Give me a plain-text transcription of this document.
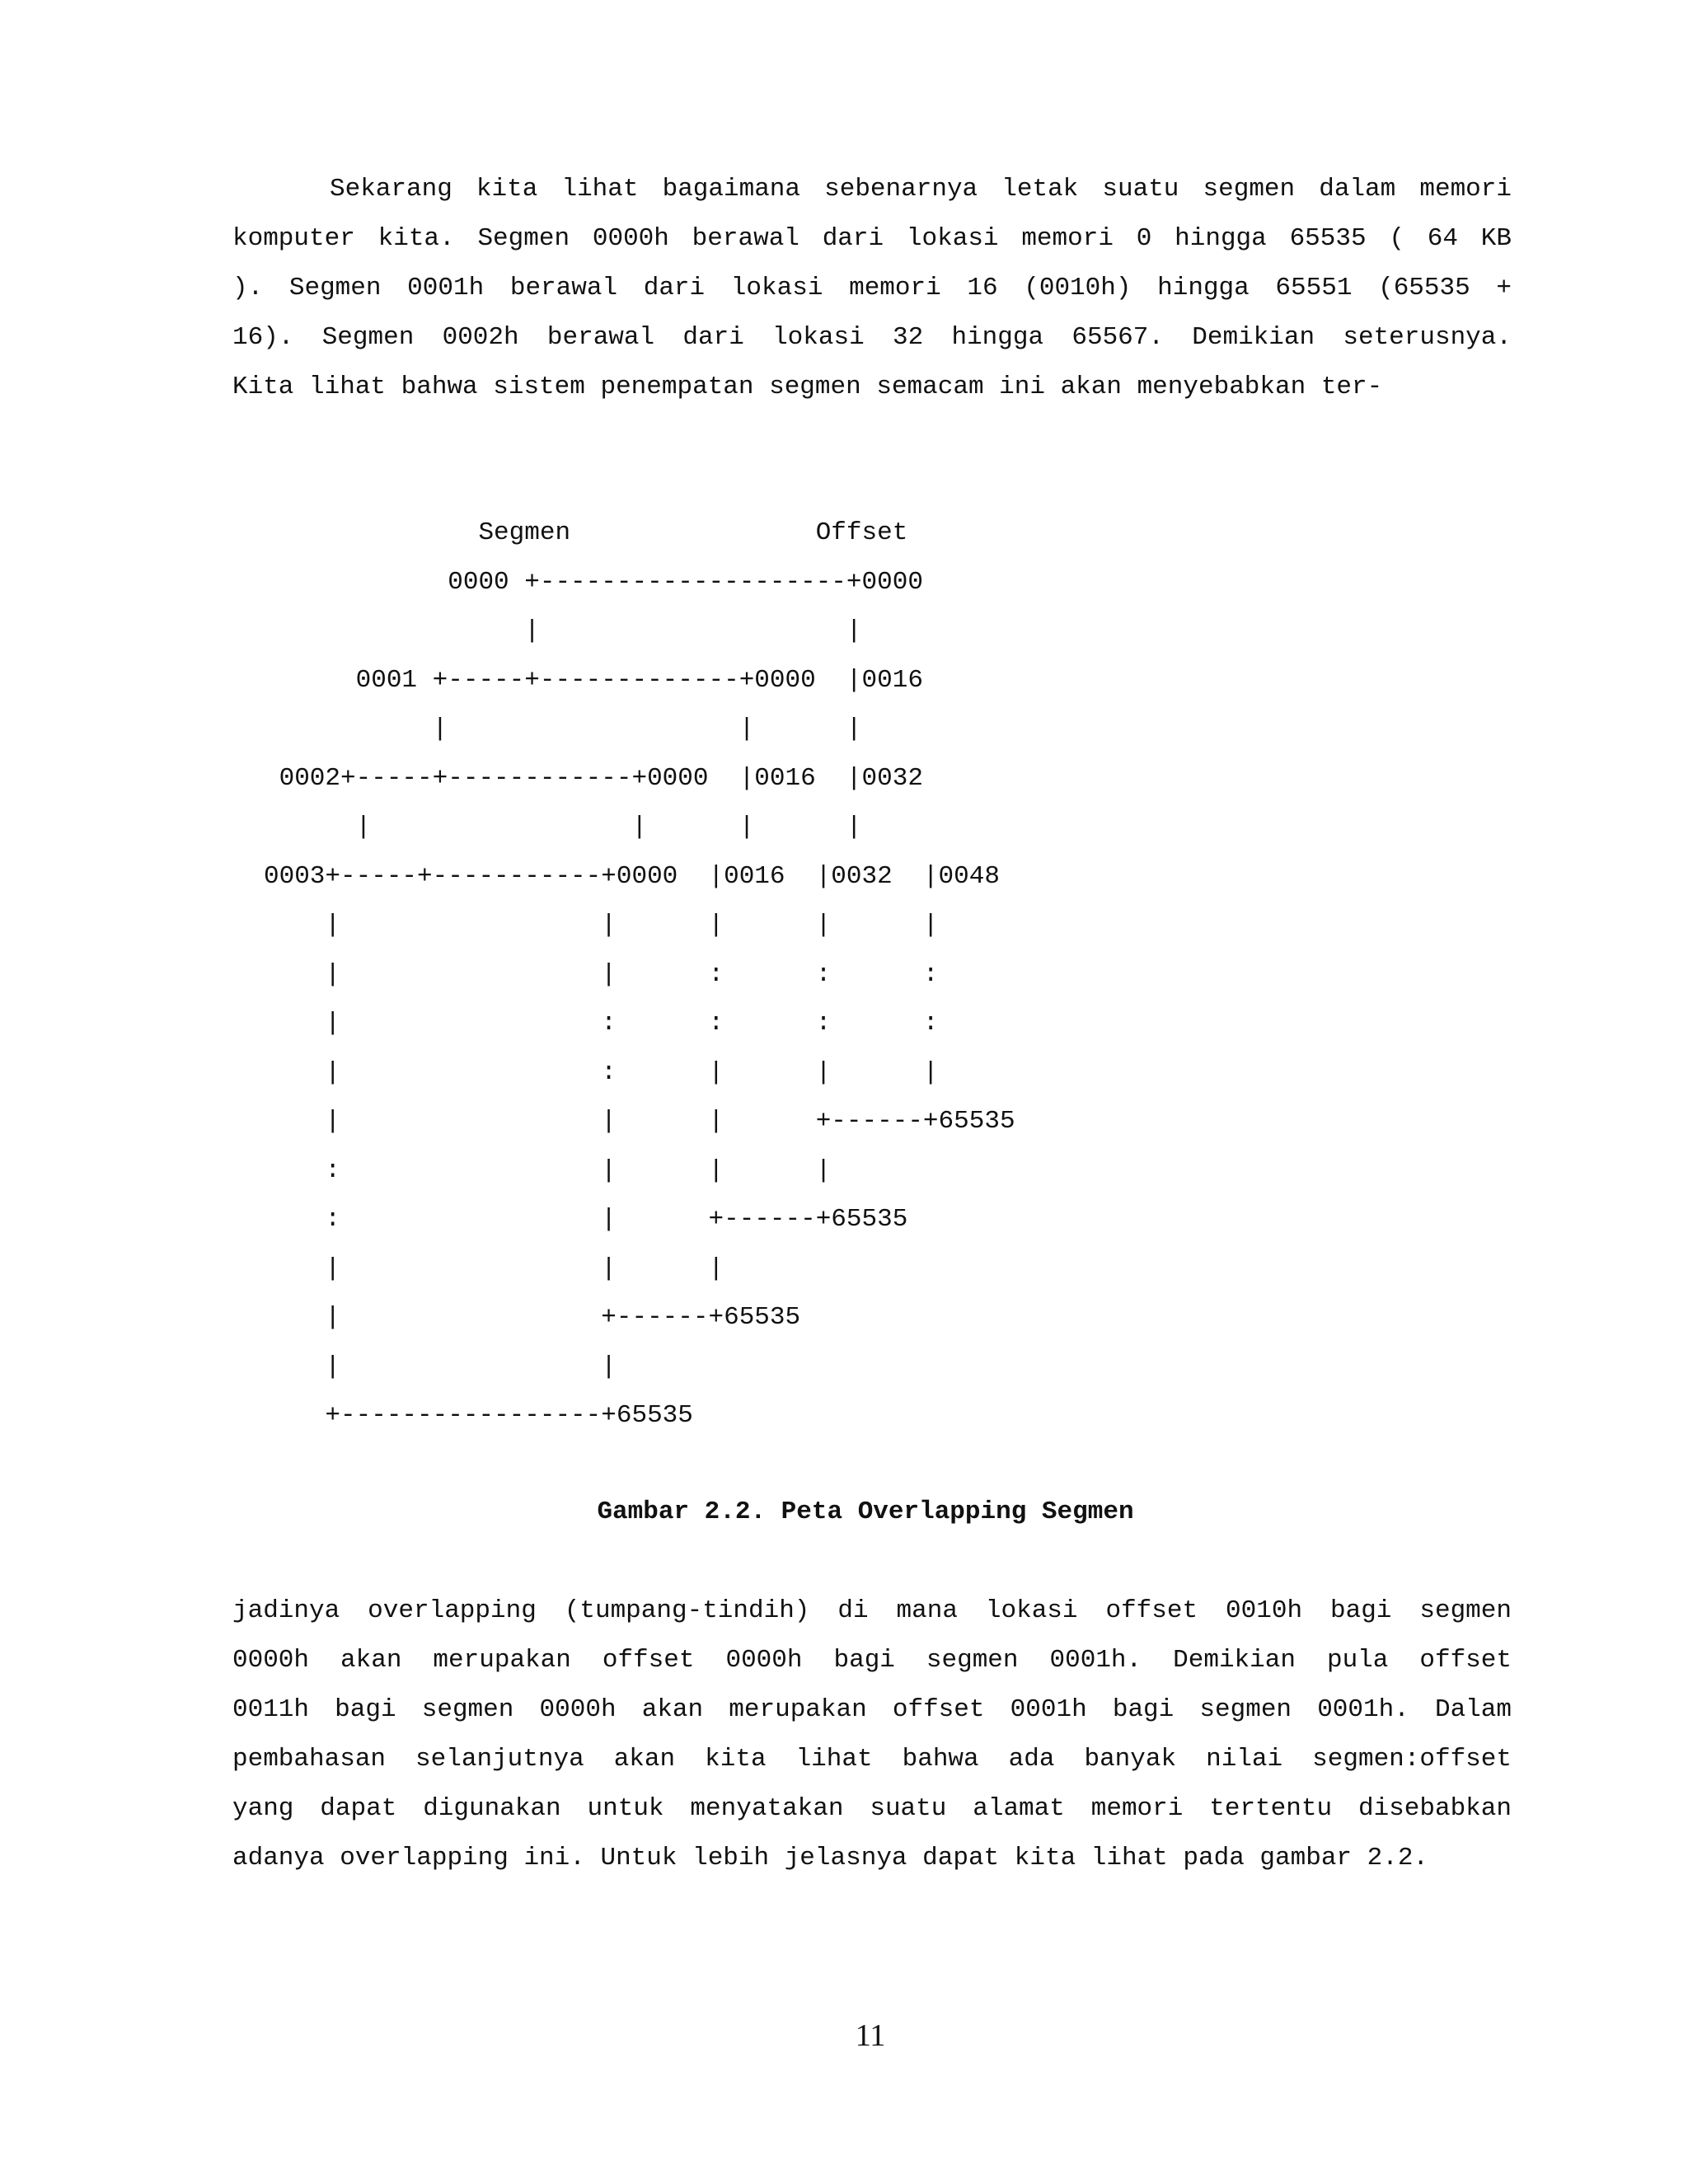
Sekarang kita lihat bagaimana sebenarnya letak suatu segmen dalam memori
komputer kita. Segmen 0000h berawal dari lokasi memori 0 hingga 65535 ( 64 KB
). Segmen 0001h berawal dari lokasi memori 16 (0010h) hingga 65551 (65535 +
16). Segmen 0002h berawal dari lokasi 32 hingga 65567. Demikian seterusnya.
Kita lihat bahwa sistem penempatan segmen semacam ini akan menyebabkan ter-
Segmen                Offset
0000 +--------------------+0000
|                    |
0001 +-----+-------------+0000  |0016
|                   |      |
0002+-----+------------+0000  |0016  |0032
|                 |      |      |
0003+-----+-----------+0000  |0016  |0032  |0048
|                 |      |      |      |
|                 |      :      :      :
|                 :      :      :      :
|                 :      |      |      |
|                 |      |      +------+65535
:                 |      |      |
:                 |      +------+65535
|                 |      |
|                 +------+65535
|                 |
+-----------------+65535

Gambar 2.2. Peta Overlapping Segmen
jadinya overlapping (tumpang-tindih) di mana lokasi offset 0010h bagi segmen
0000h akan merupakan offset 0000h bagi segmen 0001h. Demikian pula offset
0011h bagi segmen 0000h akan merupakan offset 0001h bagi segmen 0001h. Dalam
pembahasan selanjutnya akan kita lihat bahwa ada banyak nilai segmen:offset
yang dapat digunakan untuk menyatakan suatu alamat memori tertentu disebabkan
adanya overlapping ini. Untuk lebih jelasnya dapat kita lihat pada gambar 2.2.
11
